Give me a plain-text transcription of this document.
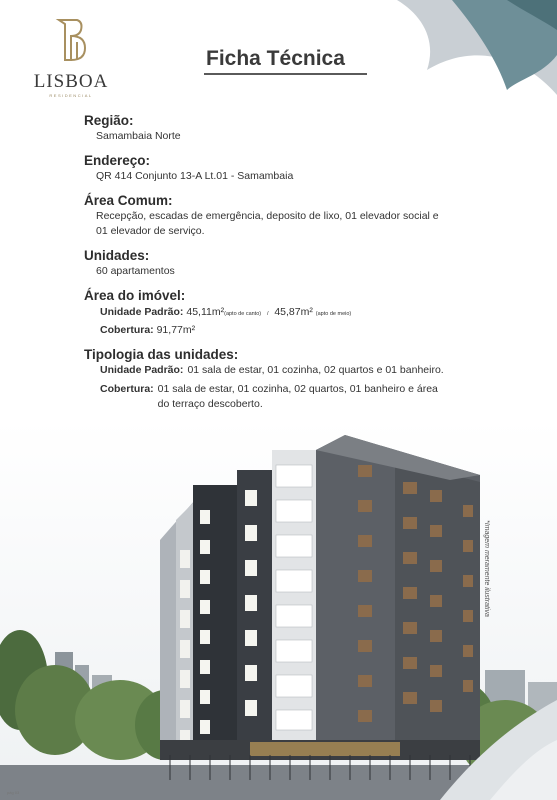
LISBOA
RESIDENCIAL
Ficha Técnica
Região:
Samambaia Norte
Endereço:
QR 414 Conjunto 13-A Lt.01 - Samambaia
Área Comum:
Recepção, escadas de emergência, deposito de lixo, 01 elevador social e
01 elevador de serviço.
Unidades:
60 apartamentos
Área do imóvel:
Unidade Padrão: 45,11m²(apto de canto) / 45,87m² (apto de meio)
Cobertura: 91,77m²
Tipologia das unidades:
Unidade Padrão: 01 sala de estar, 01 cozinha, 02 quartos e 01 banheiro.
Cobertura: 01 sala de estar, 01 cozinha, 02 quartos, 01 banheiro e área
do terraço descoberto.
*Imagem meramente ilustrativa
pág 03
